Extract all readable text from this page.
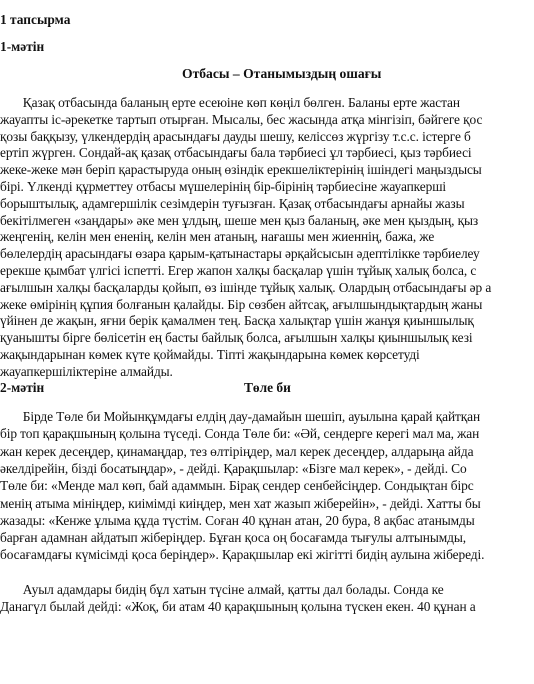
1 тапсырма
1-мәтін
Отбасы – Отанымыздың ошағы
Қазақ отбасында баланың ерте есеюіне көп көңіл бөлген. Баланы ерте жастан
жауапты іс-әрекетке тартып отырған. Мысалы, бес жасында атқа мінгізіп, бәйгеге қос
қозы баққызу, үлкендердің арасындағы дауды шешу, келіссөз жүргізу т.с.с. істерге б
ертіп жүрген. Сондай-ақ қазақ отбасындағы бала тәрбиесі ұл тәрбиесі, қыз тәрбиесі
жеке-жеке мән беріп қарастыруда оның өзіндік ерекшеліктерінің ішіндегі маңыздысы
бірі. Үлкенді құрметтеу отбасы мүшелерінің бір-бірінің тәрбиесіне жауапкерші
борыштылық, адамгершілік сезімдерін туғызған. Қазақ отбасындағы арнайы жазы
бекітілмеген «заңдары» әке мен ұлдың, шеше мен қыз баланың, әке мен қыздың, қыз
жеңгенің, келін мен ененің, келін мен атаның, нағашы мен жиеннің, бажа, же
бөлелердің арасындағы өзара қарым-қатынастары әрқайсысын әдептілікке тәрбиелеу
ерекше қымбат үлгісі іспетті. Егер жапон халқы басқалар үшін тұйық халық болса, с
ағылшын халқы басқаларды қойып, өз ішінде тұйық халық. Олардың отбасындағы әр а
жеке өмірінің құпия болғанын қалайды. Бір сөзбен айтсақ, ағылшындықтардың жаны
үйінен де жақын, яғни берік қамалмен тең. Басқа халықтар үшін жанұя қиыншылық
қуанышты бірге бөлісетін ең басты байлық болса, ағылшын халқы қиыншылық кезі
жақындарынан көмек күте қоймайды. Тіпті жақындарына көмек көрсетуді
жауапкершіліктеріне алмайды.
2-мәтін	Төле би
Бірде Төле би Мойынқұмдағы елдің дау-дамайын шешіп, ауылына қарай қайтқан
бір топ қарақшының қолына түседі. Сонда Төле би: «Әй, сендерге керегі мал ма, жан
жан керек десеңдер, қинамаңдар, тез өлтіріңдер, мал керек десеңдер, алдарыңа айда
әкелдірейін, бізді босатыңдар», - дейді. Қарақшылар: «Бізге мал керек», - дейді. Со
Төле би: «Менде мал көп, бай адаммын. Бірақ сендер сенбейсіңдер. Сондықтан бірс
менің атыма мініңдер, киімімді киіңдер, мен хат жазып жіберейін», - дейді. Хатты бы
жазады: «Кенже ұлыма құда түстім. Соған 40 құнан атан, 20 бура, 8 ақбас атанымды
барған адамнан айдатып жіберіңдер. Бұған қоса оң босағамда тығулы алтынымды,
босағамдағы күмісімді қоса беріңдер». Қарақшылар екі жігітті бидің аулына жібереді.
Ауыл адамдары бидің бұл хатын түсіне алмай, қатты дал болады. Сонда ке
Данагүл былай дейді: «Жоқ, би атам 40 қарақшының қолына түскен екен. 40 құнан а
